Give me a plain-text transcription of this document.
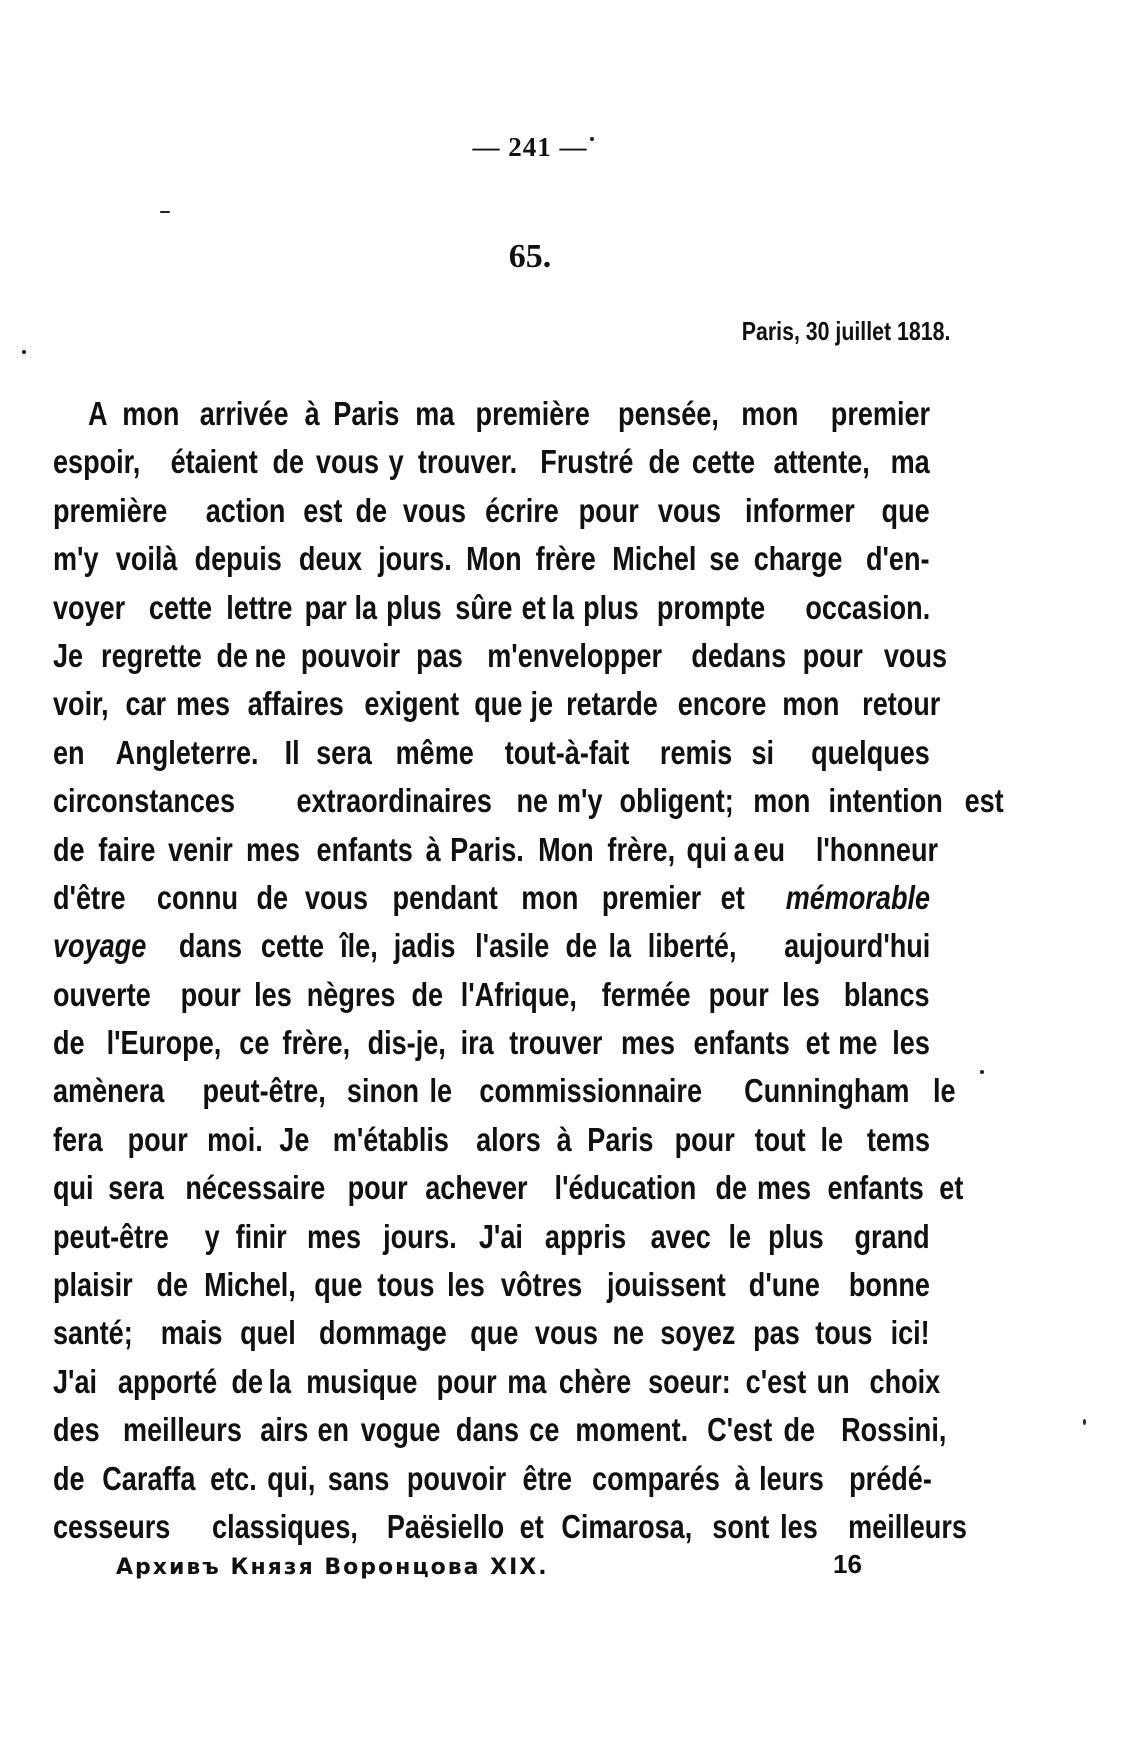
— 241 —
65.
Paris, 30 juillet 1818.
A mon arrivée à Paris ma première pensée, mon premier
espoir, étaient de vous y trouver. Frustré de cette attente, ma
première action est de vous écrire pour vous informer que
m'y voilà depuis deux jours. Mon frère Michel se charge d'en-
voyer cette lettre par la plus sûre et la plus prompte occasion.
Je regrette de ne pouvoir pas m'envelopper dedans pour vous
voir, car mes affaires exigent que je retarde encore mon retour
en Angleterre. Il sera même tout-à-fait remis si quelques
circonstances extraordinaires ne m'y obligent; mon intention est
de faire venir mes enfants à Paris. Mon frère, qui a eu l'honneur
d'être connu de vous pendant mon premier et mémorable
voyage dans cette île, jadis l'asile de la liberté, aujourd'hui
ouverte pour les nègres de l'Afrique, fermée pour les blancs
de l'Europe, ce frère, dis-je, ira trouver mes enfants et me les
amènera peut-être, sinon le commissionnaire Cunningham le
fera pour moi. Je m'établis alors à Paris pour tout le tems
qui sera nécessaire pour achever l'éducation de mes enfants et
peut-être y finir mes jours. J'ai appris avec le plus grand
plaisir de Michel, que tous les vôtres jouissent d'une bonne
santé; mais quel dommage que vous ne soyez pas tous ici!
J'ai apporté de la musique pour ma chère soeur: c'est un choix
des meilleurs airs en vogue dans ce moment. C'est de Rossini,
de Caraffa etc. qui, sans pouvoir être comparés à leurs prédé-
cesseurs classiques, Paësiello et Cimarosa, sont les meilleurs
Архивъ Князя Воронцова XIX.	16
